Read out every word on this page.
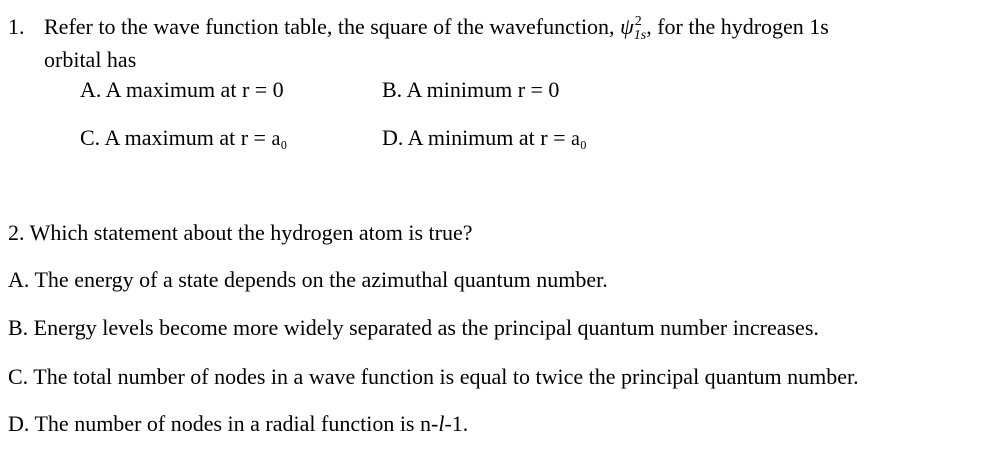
1. Refer to the wave function table, the square of the wavefunction, $\psi^2_{1s}$, for the hydrogen 1s
orbital has
A. A maximum at r = 0	B. A minimum r = 0
C. A maximum at r = a₀	D. A minimum at r = a₀
2. Which statement about the hydrogen atom is true?
A. The energy of a state depends on the azimuthal quantum number.
B. Energy levels become more widely separated as the principal quantum number increases.
C. The total number of nodes in a wave function is equal to twice the principal quantum number.
D. The number of nodes in a radial function is n-l-1.
